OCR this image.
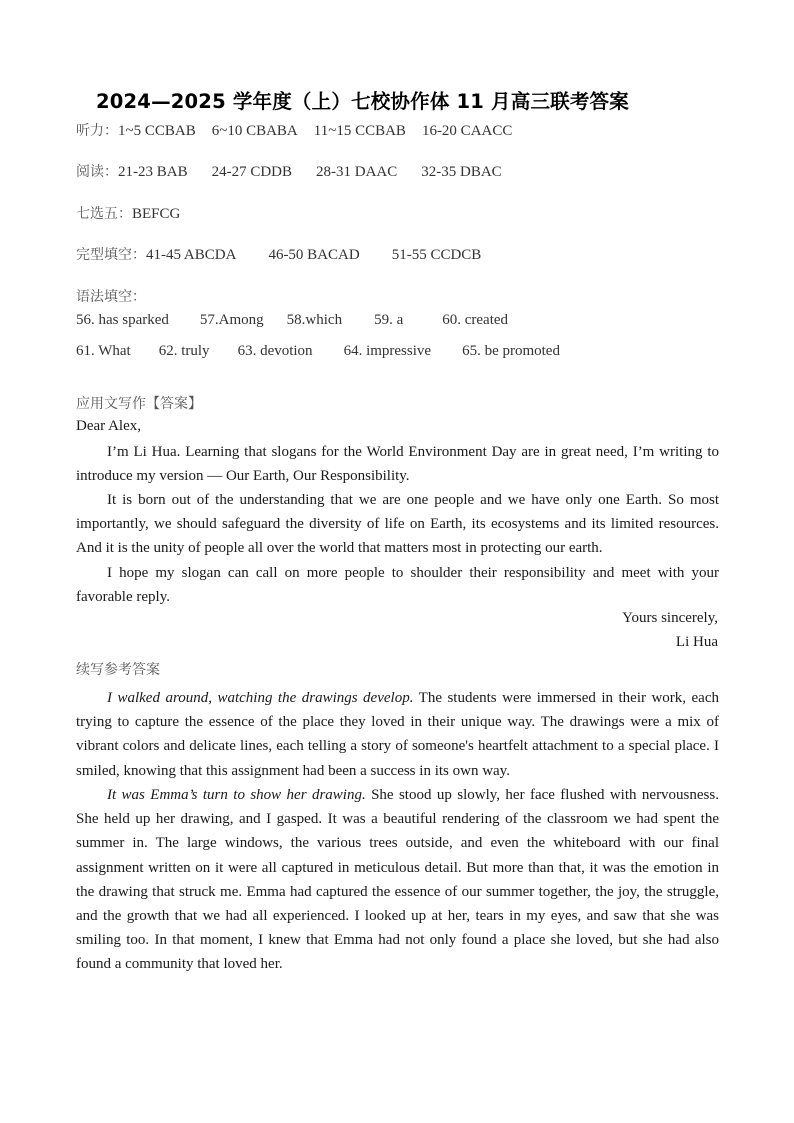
2024—2025 学年度（上）七校协作体 11 月高三联考答案
听力：1~5 CCBAB 6~10 CBABA 11~15 CCBAB 16-20 CAACC
阅读：21-23 BAB 24-27 CDDB 28-31 DAAC 32-35 DBAC
七选五：BEFCG
完型填空：41-45 ABCDA 46-50 BACAD 51-55 CCDCB
语法填空：
56. has sparked 57.Among 58.which 59. a	60. created
61. What 62. truly 63. devotion 64. impressive 65. be promoted
应用文写作【答案】
Dear Alex,

I’m Li Hua. Learning that slogans for the World Environment Day are in great need, I’m writing to introduce my version — Our Earth, Our Responsibility.

It is born out of the understanding that we are one people and we have only one Earth. So most importantly, we should safeguard the diversity of life on Earth, its ecosystems and its limited resources. And it is the unity of people all over the world that matters most in protecting our earth.

I hope my slogan can call on more people to shoulder their responsibility and meet with your favorable reply.

Yours sincerely,
Li Hua
续写参考答案

I walked around, watching the drawings develop. The students were immersed in their work, each trying to capture the essence of the place they loved in their unique way. The drawings were a mix of vibrant colors and delicate lines, each telling a story of someone's heartfelt attachment to a special place. I smiled, knowing that this assignment had been a success in its own way.

It was Emma’s turn to show her drawing. She stood up slowly, her face flushed with nervousness. She held up her drawing, and I gasped. It was a beautiful rendering of the classroom we had spent the summer in. The large windows, the various trees outside, and even the whiteboard with our final assignment written on it were all captured in meticulous detail. But more than that, it was the emotion in the drawing that struck me. Emma had captured the essence of our summer together, the joy, the struggle, and the growth that we had all experienced. I looked up at her, tears in my eyes, and saw that she was smiling too. In that moment, I knew that Emma had not only found a place she loved, but she had also found a community that loved her.
